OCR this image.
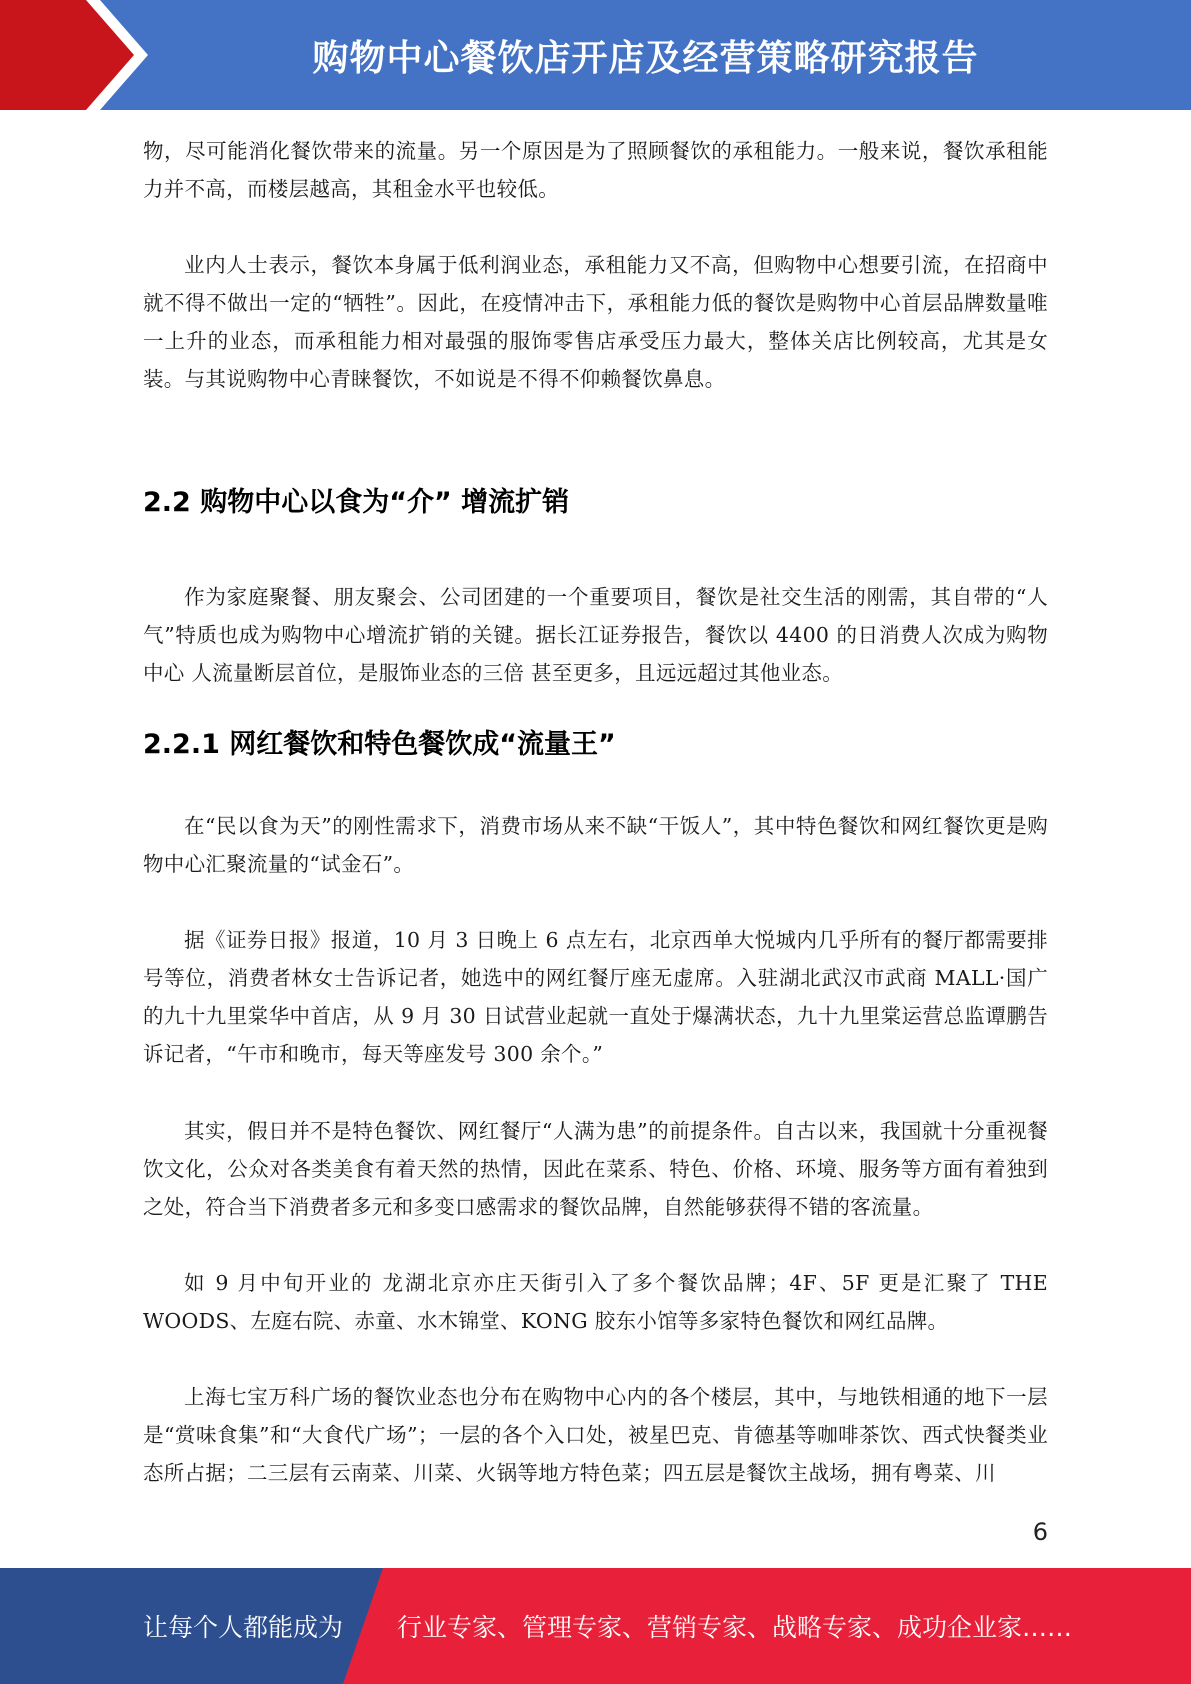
购物中心餐饮店开店及经营策略研究报告

物，尽可能消化餐饮带来的流量。另一个原因是为了照顾餐饮的承租能力。一般来说，餐饮承租能力并不高，而楼层越高，其租金水平也较低。

业内人士表示，餐饮本身属于低利润业态，承租能力又不高，但购物中心想要引流，在招商中就不得不做出一定的“牺牲”。因此，在疫情冲击下，承租能力低的餐饮是购物中心首层品牌数量唯一上升的业态，而承租能力相对最强的服饰零售店承受压力最大，整体关店比例较高，尤其是女装。与其说购物中心青睐餐饮，不如说是不得不仰赖餐饮鼻息。

2.2 购物中心以食为“介” 增流扩销

作为家庭聚餐、朋友聚会、公司团建的一个重要项目，餐饮是社交生活的刚需，其自带的“人气”特质也成为购物中心增流扩销的关键。据长江证券报告，餐饮以 4400 的日消费人次成为购物中心 人流量断层首位，是服饰业态的三倍 甚至更多，且远远超过其他业态。

2.2.1 网红餐饮和特色餐饮成“流量王”

在“民以食为天”的刚性需求下，消费市场从来不缺“干饭人”，其中特色餐饮和网红餐饮更是购物中心汇聚流量的“试金石”。

据《证券日报》报道，10 月 3 日晚上 6 点左右，北京西单大悦城内几乎所有的餐厅都需要排号等位，消费者林女士告诉记者，她选中的网红餐厅座无虚席。入驻湖北武汉市武商 MALL·国广的九十九里棠华中首店，从 9 月 30 日试营业起就一直处于爆满状态，九十九里棠运营总监谭鹏告诉记者，“午市和晚市，每天等座发号 300 余个。”

其实，假日并不是特色餐饮、网红餐厅“人满为患”的前提条件。自古以来，我国就十分重视餐饮文化，公众对各类美食有着天然的热情，因此在菜系、特色、价格、环境、服务等方面有着独到之处，符合当下消费者多元和多变口感需求的餐饮品牌，自然能够获得不错的客流量。

如 9 月中旬开业的 龙湖北京亦庄天街引入了多个餐饮品牌；4F、5F 更是汇聚了 THE WOODS、左庭右院、赤童、水木锦堂、KONG 胶东小馆等多家特色餐饮和网红品牌。

上海七宝万科广场的餐饮业态也分布在购物中心内的各个楼层，其中，与地铁相通的地下一层是“赏味食集”和“大食代广场”；一层的各个入口处，被星巴克、肯德基等咖啡茶饮、西式快餐类业态所占据；二三层有云南菜、川菜、火锅等地方特色菜；四五层是餐饮主战场，拥有粤菜、川

6
让每个人都能成为 行业专家、管理专家、营销专家、战略专家、成功企业家……
